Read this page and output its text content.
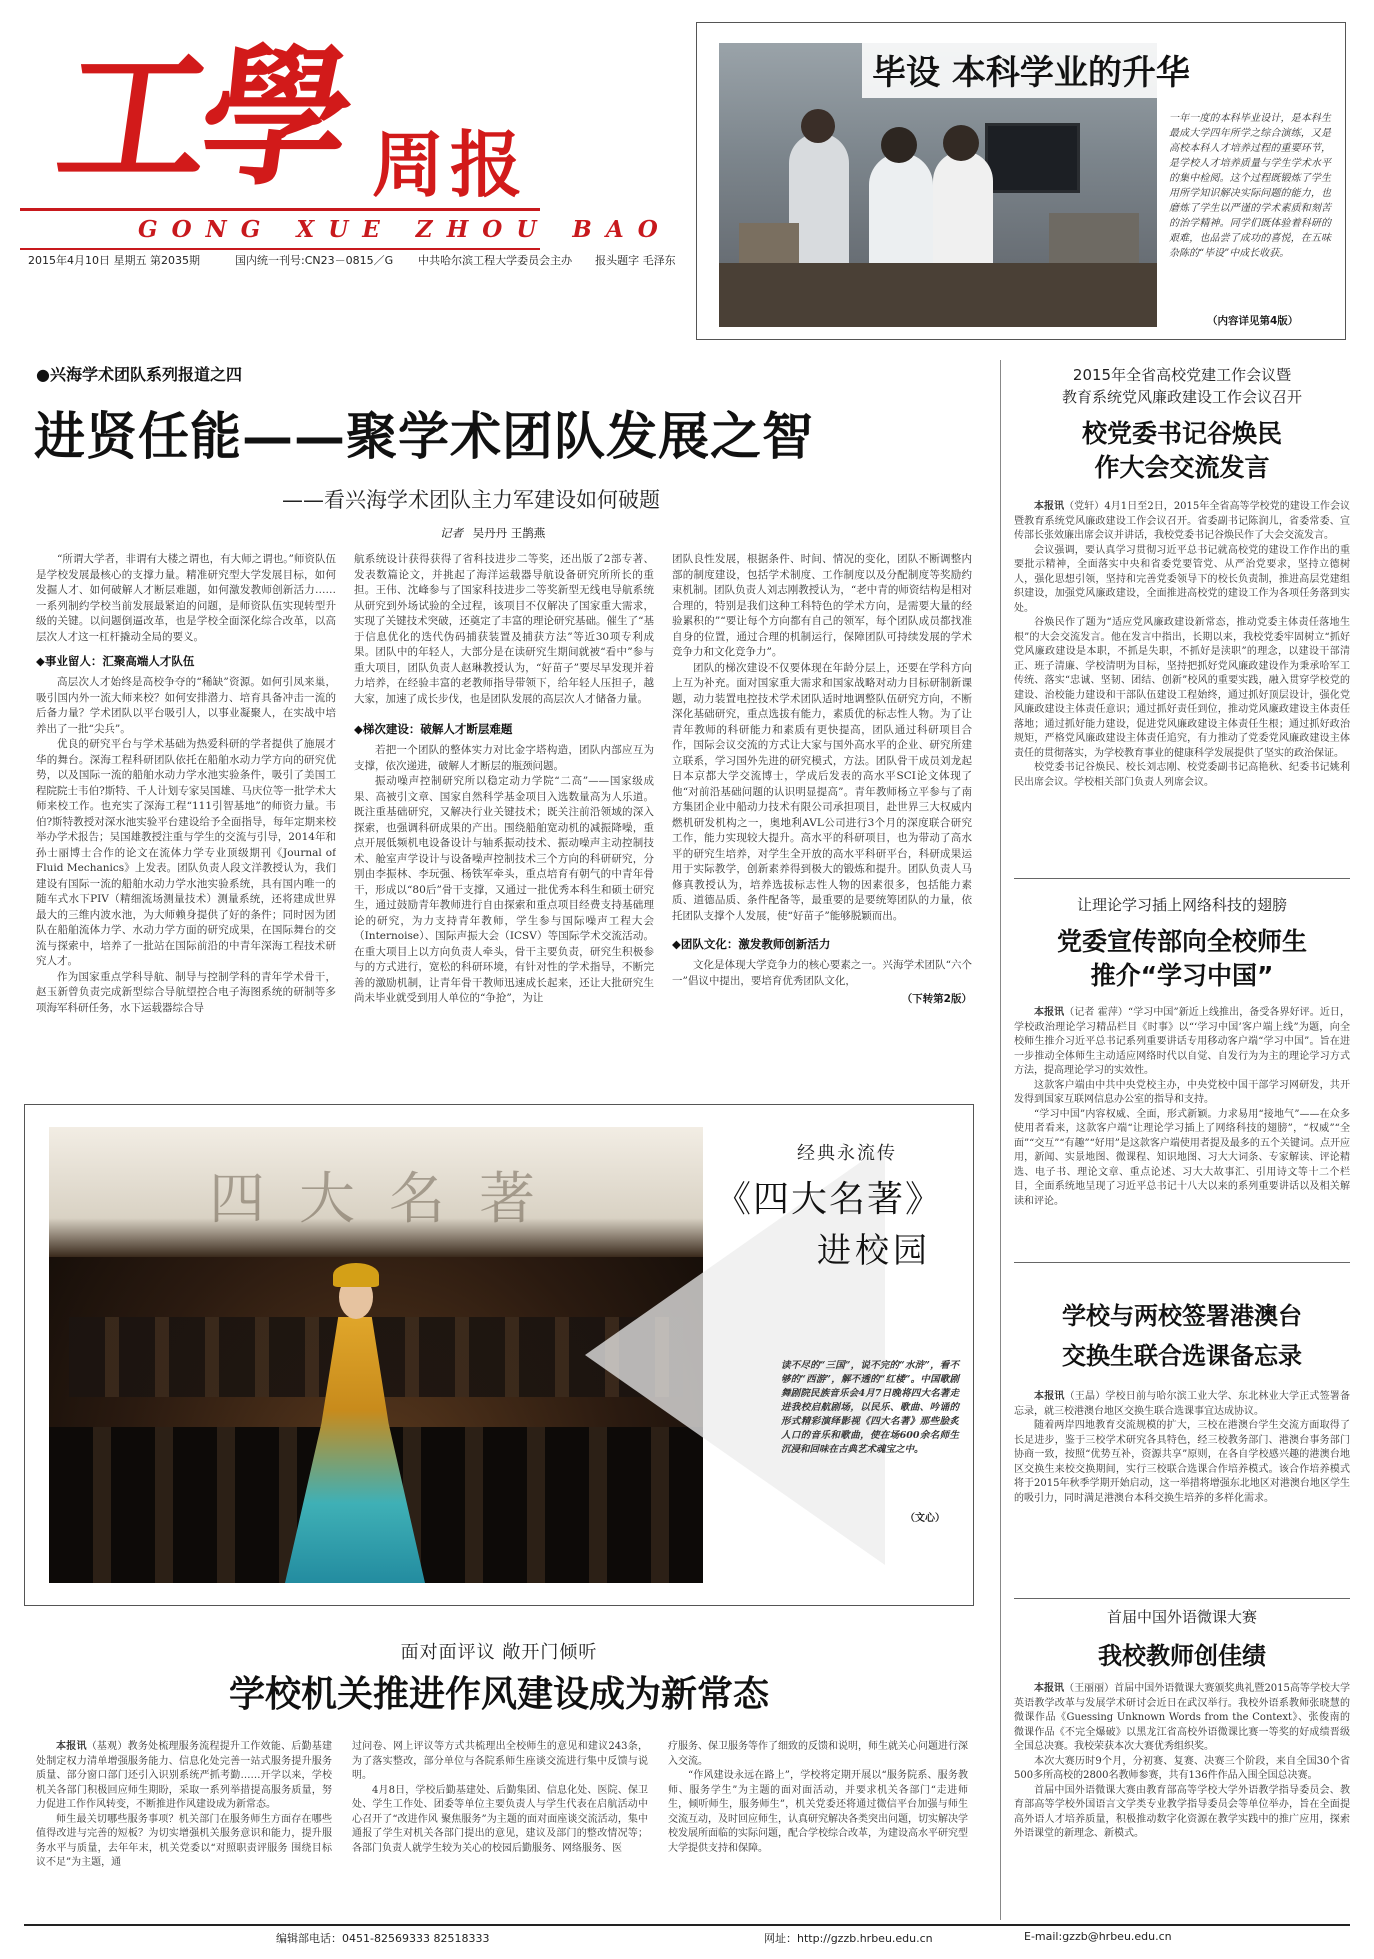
工學 周报
GONG XUE ZHOU BAO
2015年4月10日 星期五 第2035期	国内统一刊号:CN23－0815／G 中共哈尔滨工程大学委员会主办 报头题字 毛泽东
毕设 本科学业的升华
一年一度的本科毕业设计，是本科生最成大学四年所学之综合演练，又是高校本科人才培养过程的重要环节，是学校人才培养质量与学生学术水平的集中检阅。这个过程既锻炼了学生用所学知识解决实际问题的能力，也磨炼了学生以严谨的学术素质和刻苦的治学精神。同学们既体验着科研的艰难，也品尝了成功的喜悦，在五味杂陈的“毕设”中成长收获。
（内容详见第4版）
●兴海学术团队系列报道之四
进贤任能——聚学术团队发展之智
——看兴海学术团队主力军建设如何破题
记者 吴丹丹 王鹊燕

“所谓大学者，非谓有大楼之谓也，有大师之谓也。”师资队伍是学校发展最核心的支撑力量。精准研究型大学发展目标，如何发掘人才、如何破解人才断层难题，如何激发教师创新活力……一系列制约学校当前发展最紧迫的问题，是师资队伍实现转型升级的关键。以问题倒逼改革，也是学校全面深化综合改革，以高层次人才这一杠杆撬动全局的要义。

◆事业留人：汇聚高端人才队伍

高层次人才始终是高校争夺的“稀缺”资源。如何引凤来巢，吸引国内外一流大师来校？如何安排潜力、培育具备冲击一流的后备力量？学术团队以平台吸引人，以事业凝聚人，在实战中培养出了一批“尖兵”。

优良的研究平台与学术基础为热爱科研的学者提供了施展才华的舞台。深海工程科研团队依托在船舶水动力学方向的研究优势，以及国际一流的船舶水动力学水池实验条件，吸引了美国工程院院士韦伯?斯特、千人计划专家吴国雄、马庆位等一批学术大师来校工作。也充实了深海工程“111引智基地”的师资力量。韦伯?斯特教授对深水池实验平台建设给予全面指导，每年定期来校举办学术报告；吴国雄教授注重与学生的交流与引导，2014年和孙士丽博士合作的论文在流体力学专业顶级期刊《Journal of Fluid Mechanics》上发表。团队负责人段文洋教授认为，我们建设有国际一流的船舶水动力学水池实验系统，具有国内唯一的随车式水下PIV（精细流场测量技术）测量系统，还将建成世界最大的三维内波水池，为大师赖身提供了好的条件；同时因为团队在船舶流体力学、水动力学方面的研究成果，在国际舞台的交流与探索中，培养了一批站在国际前沿的中青年深海工程技术研究人才。

作为国家重点学科导航、制导与控制学科的青年学术骨干，赵玉新曾负责完成新型综合导航望控合电子海图系统的研制等多项海军科研任务，水下运载器综合导

航系统设计获得获得了省科技进步二等奖，还出版了2部专著、发表数篇论文，并挑起了海洋运载器导航设备研究所所长的重担。王伟、沈峰参与了国家科技进步二等奖新型无线电导航系统从研究到外场试验的全过程，该项目不仅解决了国家重大需求，实现了关键技术突破，还奠定了丰富的理论研究基础。催生了“基于信息优化的迭代伪码捕获装置及捕获方法”等近30项专利成果。团队中的年轻人，大部分是在读研究生期间就被“看中”参与重大项目，团队负责人赵琳教授认为，“好苗子”要尽早发现并着力培养，在经验丰富的老教师指导带领下，给年轻人压担子，越大家，加速了成长步伐，也是团队发展的高层次人才储备力量。

◆梯次建设：破解人才断层难题

若把一个团队的整体实力对比金字塔构造，团队内部应互为支撑，依次递进，破解人才断层的瓶颈问题。

振动噪声控制研究所以稳定动力学院“二高”——国家级成果、高被引文章、国家自然科学基金项目入选数量高为人乐道。既注重基础研究，又解决行业关键技术；既关注前沿领域的深入探索，也强调科研成果的产出。围绕船舶宽动机的减振降噪，重点开展低频机电设备设计与轴系振动技术、振动噪声主动控制技术、舱室声学设计与设备噪声控制技术三个方向的科研研究，分别由李振林、李玩强、杨铁军牵头，重点培育有朝气的中青年骨干，形成以“80后”骨干支撑，又通过一批优秀本科生和硕士研究生，通过鼓励青年教师进行自由探索和重点项目经费支持基础理论的研究，为力支持青年教师，学生参与国际噪声工程大会（Internoise）、国际声振大会（ICSV）等国际学术交流活动。在重大项目上以方向负责人牵头，骨干主要负责，研究生积极参与的方式进行，宽松的科研环境，有针对性的学术指导，不断完善的激励机制，让青年骨干教师迅速成长起来，还让大批研究生尚未毕业就受到用人单位的“争抢”，为让

团队良性发展，根据条件、时间、情况的变化，团队不断调整内部的制度建设，包括学术制度、工作制度以及分配制度等奖励约束机制。团队负责人刘志刚教授认为，“老中青的师资结构是相对合理的，特别是我们这种工科特色的学术方向，是需要大量的经验累积的”“要让每个方向都有自己的领军，每个团队成员都找准自身的位置，通过合理的机制运行，保障团队可持续发展的学术竞争力和文化竞争力”。

团队的梯次建设不仅要体现在年龄分层上，还要在学科方向上互为补充。面对国家重大需求和国家战略对动力目标研制新课题，动力装置电控技术学术团队适时地调整队伍研究方向，不断深化基础研究，重点选拔有能力，素质优的标志性人物。为了让青年教师的科研能力和素质有更快提高，团队通过科研项目合作，国际会议交流的方式让大家与国外高水平的企业、研究所建立联系，学习国外先进的研究模式，方法。团队骨干成员刘龙起日本京都大学交流博士，学成后发表的高水平SCI论文体现了他“对前沿基础问题的认识明显提高”。青年教师杨立平参与了南方集团企业中船动力技术有限公司承担项目，赴世界三大权威内燃机研发机构之一，奥地利AVL公司进行3个月的深度联合研究工作，能力实现较大提升。高水平的科研项目，也为带动了高水平的研究生培养，对学生全开放的高水平科研平台，科研成果运用于实际教学，创新素养得到极大的锻炼和提升。团队负责人马修真教授认为，培养选拔标志性人物的因素很多，包括能力素质、道德品质、条件配备等，最重要的是要统筹团队的力量，依托团队支撑个人发展，使“好苗子”能够脱颖而出。

◆团队文化：激发教师创新活力

文化是体现大学竞争力的核心要素之一。兴海学术团队“六个一”倡议中提出，要培育优秀团队文化，

（下转第2版）

2015年全省高校党建工作会议暨
教育系统党风廉政建设工作会议召开
校党委书记谷焕民
作大会交流发言

本报讯（党轩）4月1日至2日，2015年全省高等学校党的建设工作会议暨教育系统党风廉政建设工作会议召开。省委副书记陈润儿，省委常委、宣传部长张效廉出席会议并讲话，我校党委书记谷焕民作了大会交流发言。

会议强调，要认真学习贯彻习近平总书记就高校党的建设工作作出的重要批示精神，全面落实中央和省委党要管党、从严治党要求，坚持立德树人，强化思想引领，坚持和完善党委领导下的校长负责制，推进高层党建组织建设，加强党风廉政建设，全面推进高校党的建设工作为各项任务落到实处。

谷焕民作了题为“适应党风廉政建设新常态，推动党委主体责任落地生根”的大会交流发言。他在发言中指出，长期以来，我校党委牢固树立“抓好党风廉政建设是本职，不抓是失职，不抓好是渎职”的理念，以建设干部清正、班子清廉、学校清明为目标，坚持把抓好党风廉政建设作为秉承哈军工传统、落实“忠诚、坚韧、团结、创新”校风的重要实践，融入贯穿学校党的建设、治校能力建设和干部队伍建设工程始终，通过抓好顶层设计，强化党风廉政建设主体责任意识；通过抓好责任到位，推动党风廉政建设主体责任落地；通过抓好能力建设，促进党风廉政建设主体责任生根；通过抓好政治规矩，严格党风廉政建设主体责任追究，有力推动了党委党风廉政建设主体责任的贯彻落实，为学校教育事业的健康科学发展提供了坚实的政治保证。

校党委书记谷焕民、校长刘志刚、校党委副书记高艳秋、纪委书记姚利民出席会议。学校相关部门负责人列席会议。

让理论学习插上网络科技的翅膀
党委宣传部向全校师生
推介“学习中国”

本报讯（记者 霍萍）“学习中国”新近上线推出，备受各界好评。近日，学校政治理论学习精品栏目《时事》以“‘学习中国’客户端上线”为题，向全校师生推介习近平总书记系列重要讲话专用移动客户端“学习中国”。旨在进一步推动全体师生主动适应网络时代以自觉、自发行为为主的理论学习方式方法，提高理论学习的实效性。

这款客户端由中共中央党校主办，中央党校中国干部学习网研发，共开发得到国家互联网信息办公室的指导和支持。

“学习中国”内容权威、全面，形式新颖。力求易用“接地气”——在众多使用者看来，这款客户端“让理论学习插上了网络科技的翅膀”，“权威”“全面”“交互”“有趣”“好用”是这款客户端使用者提及最多的五个关键词。点开应用，新闻、实景地图、微课程、知识地图、习大大词条、专家解读、评论精选、电子书、理论文章、重点论述、习大大故事汇、引用诗文等十二个栏目，全面系统地呈现了习近平总书记十八大以来的系列重要讲话以及相关解读和评论。

学校与两校签署港澳台
交换生联合选课备忘录

本报讯（王晶）学校日前与哈尔滨工业大学、东北林业大学正式签署备忘录，就三校港澳台地区交换生联合选课事宜达成协议。

随着两岸四地教育交流规模的扩大，三校在港澳台学生交流方面取得了长足进步，鉴于三校学术研究各具特色，经三校教务部门、港澳台事务部门协商一致，按照“优势互补，资源共享”原则，在各自学校感兴趣的港澳台地区交换生来校交换期间，实行三校联合选课合作培养模式。该合作培养模式将于2015年秋季学期开始启动，这一举措将增强东北地区对港澳台地区学生的吸引力，同时满足港澳台本科交换生培养的多样化需求。

首届中国外语微课大赛
我校教师创佳绩

本报讯（王丽丽）首届中国外语微课大赛颁奖典礼暨2015高等学校大学英语教学改革与发展学术研讨会近日在武汉举行。我校外语系教师张晓慧的微课作品《Guessing Unknown Words from the Context》、张俊南的微课作品《不完全爆破》以黑龙江省高校外语微课比赛一等奖的好成绩晋级全国总决赛。我校荣获本次大赛优秀组织奖。

本次大赛历时9个月，分初赛、复赛、决赛三个阶段，来自全国30个省500多所高校的2800名教师参赛，共有136件作品入围全国总决赛。

首届中国外语微课大赛由教育部高等学校大学外语教学指导委员会、教育部高等学校外国语言文学类专业教学指导委员会等单位举办，旨在全面提高外语人才培养质量，积极推动数字化资源在教学实践中的推广应用，探索外语课堂的新理念、新模式。

四大名著
经典永流传
《四大名著》
进校园
读不尽的“三国”，说不完的“水浒”，看不够的“西游”，解不透的“红楼”。中国歌剧舞剧院民族音乐会4月7日晚将四大名著走进我校启航剧场，以民乐、歌曲、吟诵的形式精彩演绎影视《四大名著》那些脍炙人口的音乐和歌曲，使在场600余名师生沉浸和回味在古典艺术魂宝之中。
（文心）
面对面评议 敞开门倾听
学校机关推进作风建设成为新常态

本报讯（基观）教务处梳理服务流程提升工作效能、后勤基建处制定权力清单增强服务能力、信息化处完善一站式服务提升服务质量、部分窗口部门还引入识别系统严抓考勤……开学以来，学校机关各部门积极回应师生期盼，采取一系列举措提高服务质量，努力促进工作作风转变，不断推进作风建设成为新常态。

师生最关切哪些服务事项？机关部门在服务师生方面存在哪些值得改进与完善的短板？为切实增强机关服务意识和能力，提升服务水平与质量，去年年末，机关党委以“对照职责评服务 围绕目标议不足”为主题，通

过问卷、网上评议等方式共梳理出全校师生的意见和建议243条，为了落实整改，部分单位与各院系师生座谈交流进行集中反馈与说明。

4月8日，学校后勤基建处、后勤集团、信息化处、医院、保卫处、学生工作处、团委等单位主要负责人与学生代表在启航活动中心召开了“改进作风 聚焦服务”为主题的面对面座谈交流活动，集中通报了学生对机关各部门提出的意见，建议及部门的整改情况等；各部门负责人就学生较为关心的校园后勤服务、网络服务、医

疗服务、保卫服务等作了细致的反馈和说明，师生就关心问题进行深入交流。

“作风建设永远在路上”，学校将定期开展以“服务院系、服务教师、服务学生”为主题的面对面活动，并要求机关各部门“走进师生，倾听师生，服务师生”，机关党委还将通过微信平台加强与师生交流互动，及时回应师生，认真研究解决各类突出问题，切实解决学校发展所面临的实际问题，配合学校综合改革，为建设高水平研究型大学提供支持和保障。

编辑部电话：0451-82569333 82518333	网址：http://gzzb.hrbeu.edu.cn	E-mail:gzzb@hrbeu.edu.cn
